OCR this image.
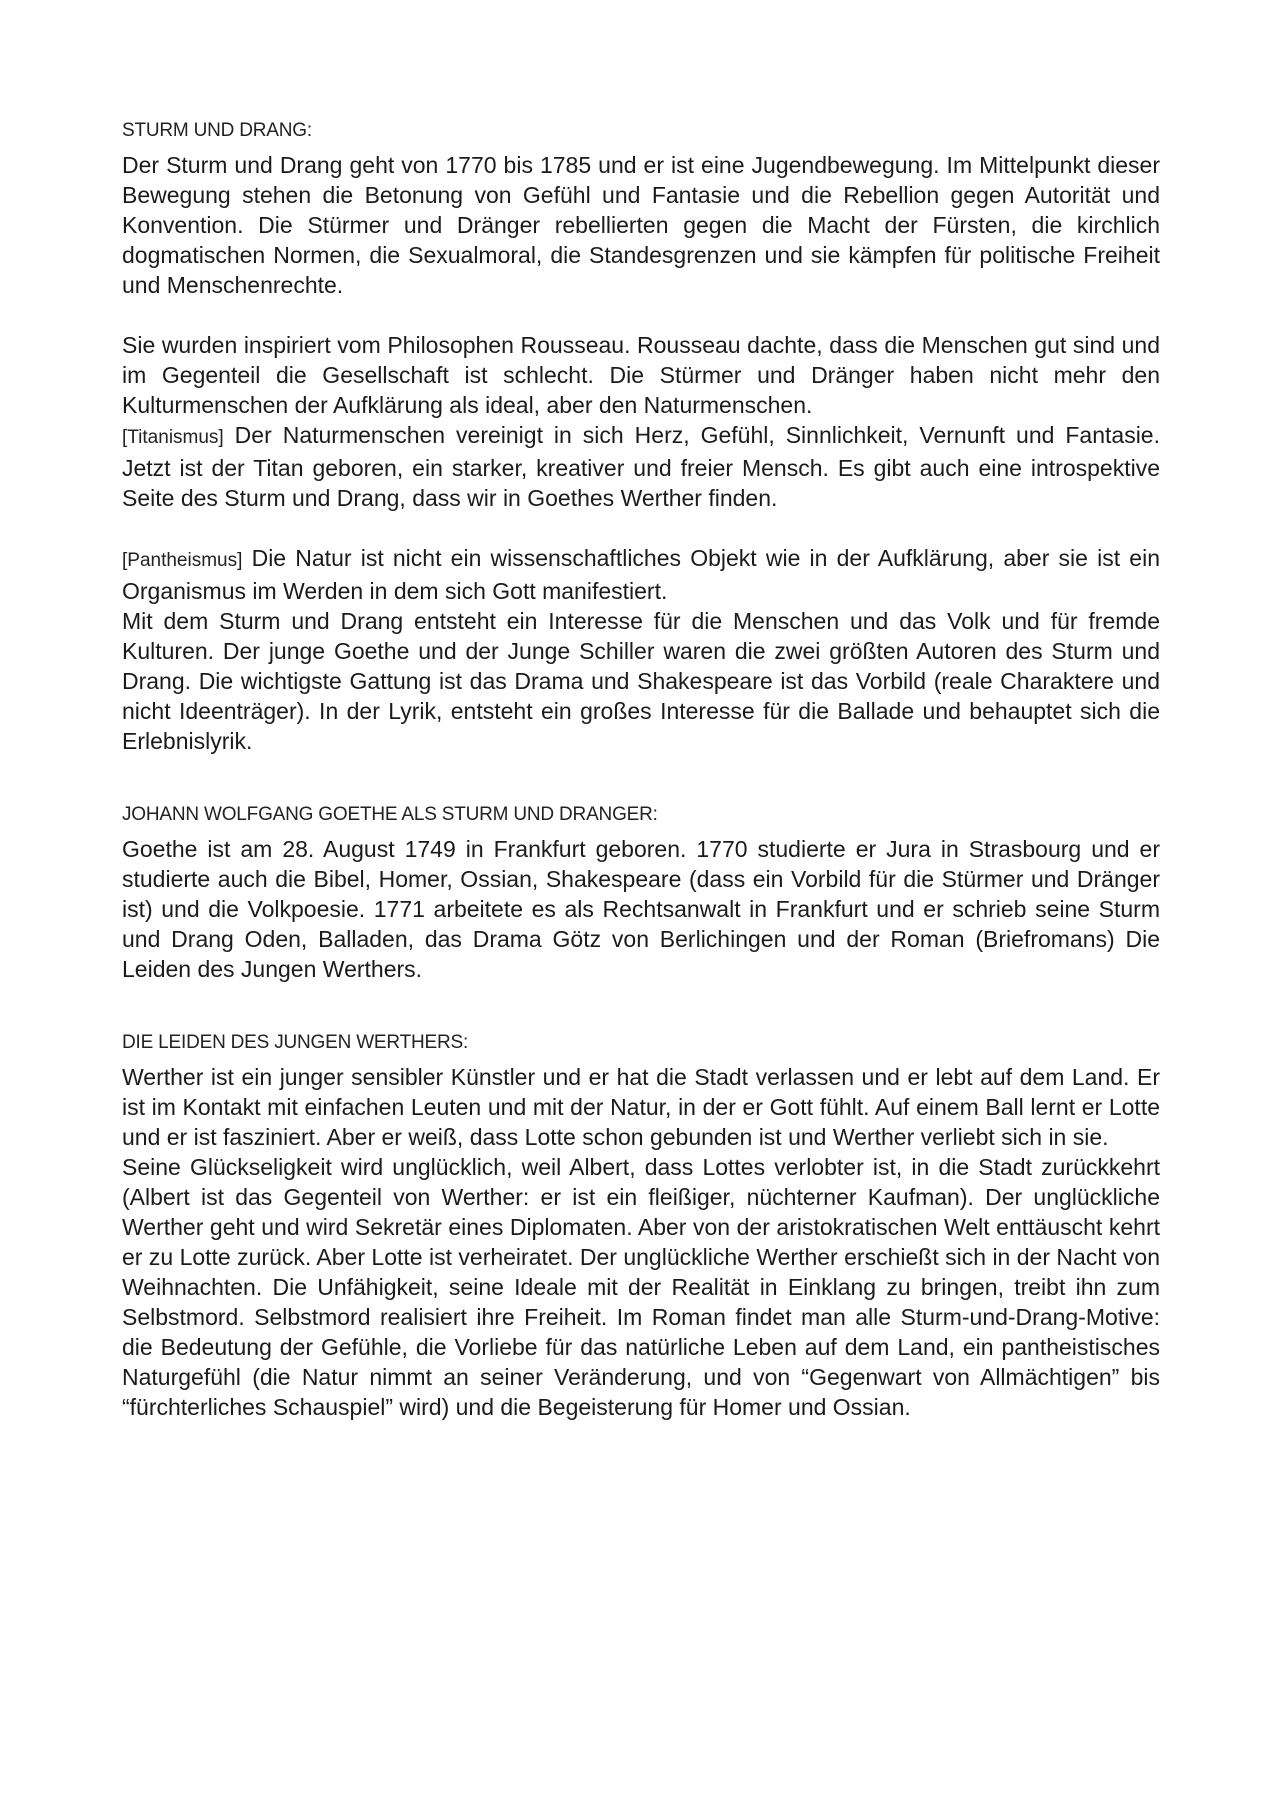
STURM UND DRANG:

Der Sturm und Drang geht von 1770 bis 1785 und er ist eine Jugendbewegung. Im Mittelpunkt dieser Bewegung stehen die Betonung von Gefühl und Fantasie und die Rebellion gegen Autorität und Konvention. Die Stürmer und Dränger rebellierten gegen die Macht der Fürsten, die kirchlich dogmatischen Normen, die Sexualmoral, die Standesgrenzen und sie kämpfen für politische Freiheit und Menschenrechte.

Sie wurden inspiriert vom Philosophen Rousseau. Rousseau dachte, dass die Menschen gut sind und im Gegenteil die Gesellschaft ist schlecht. Die Stürmer und Dränger haben nicht mehr den Kulturmenschen der Aufklärung als ideal, aber den Naturmenschen.

[Titanismus] Der Naturmenschen vereinigt in sich Herz, Gefühl, Sinnlichkeit, Vernunft und Fantasie. Jetzt ist der Titan geboren, ein starker, kreativer und freier Mensch. Es gibt auch eine introspektive Seite des Sturm und Drang, dass wir in Goethes Werther finden.

[Pantheismus] Die Natur ist nicht ein wissenschaftliches Objekt wie in der Aufklärung, aber sie ist ein Organismus im Werden in dem sich Gott manifestiert.

Mit dem Sturm und Drang entsteht ein Interesse für die Menschen und das Volk und für fremde Kulturen. Der junge Goethe und der Junge Schiller waren die zwei größten Autoren des Sturm und Drang. Die wichtigste Gattung ist das Drama und Shakespeare ist das Vorbild (reale Charaktere und nicht Ideenträger). In der Lyrik, entsteht ein großes Interesse für die Ballade und behauptet sich die Erlebnislyrik.

JOHANN WOLFGANG GOETHE ALS STURM UND DRANGER:

Goethe ist am 28. August 1749 in Frankfurt geboren. 1770 studierte er Jura in Strasbourg und er studierte auch die Bibel, Homer, Ossian, Shakespeare (dass ein Vorbild für die Stürmer und Dränger ist) und die Volkpoesie. 1771 arbeitete es als Rechtsanwalt in Frankfurt und er schrieb seine Sturm und Drang Oden, Balladen, das Drama Götz von Berlichingen und der Roman (Briefromans) Die Leiden des Jungen Werthers.

DIE LEIDEN DES JUNGEN WERTHERS:

Werther ist ein junger sensibler Künstler und er hat die Stadt verlassen und er lebt auf dem Land. Er ist im Kontakt mit einfachen Leuten und mit der Natur, in der er Gott fühlt. Auf einem Ball lernt er Lotte und er ist fasziniert. Aber er weiß, dass Lotte schon gebunden ist und Werther verliebt sich in sie.

Seine Glückseligkeit wird unglücklich, weil Albert, dass Lottes verlobter ist, in die Stadt zurückkehrt (Albert ist das Gegenteil von Werther: er ist ein fleißiger, nüchterner Kaufman). Der unglückliche Werther geht und wird Sekretär eines Diplomaten. Aber von der aristokratischen Welt enttäuscht kehrt er zu Lotte zurück. Aber Lotte ist verheiratet. Der unglückliche Werther erschießt sich in der Nacht von Weihnachten. Die Unfähigkeit, seine Ideale mit der Realität in Einklang zu bringen, treibt ihn zum Selbstmord. Selbstmord realisiert ihre Freiheit. Im Roman findet man alle Sturm-und-Drang-Motive: die Bedeutung der Gefühle, die Vorliebe für das natürliche Leben auf dem Land, ein pantheistisches Naturgefühl (die Natur nimmt an seiner Veränderung, und von “Gegenwart von Allmächtigen” bis “fürchterliches Schauspiel” wird) und die Begeisterung für Homer und Ossian.
